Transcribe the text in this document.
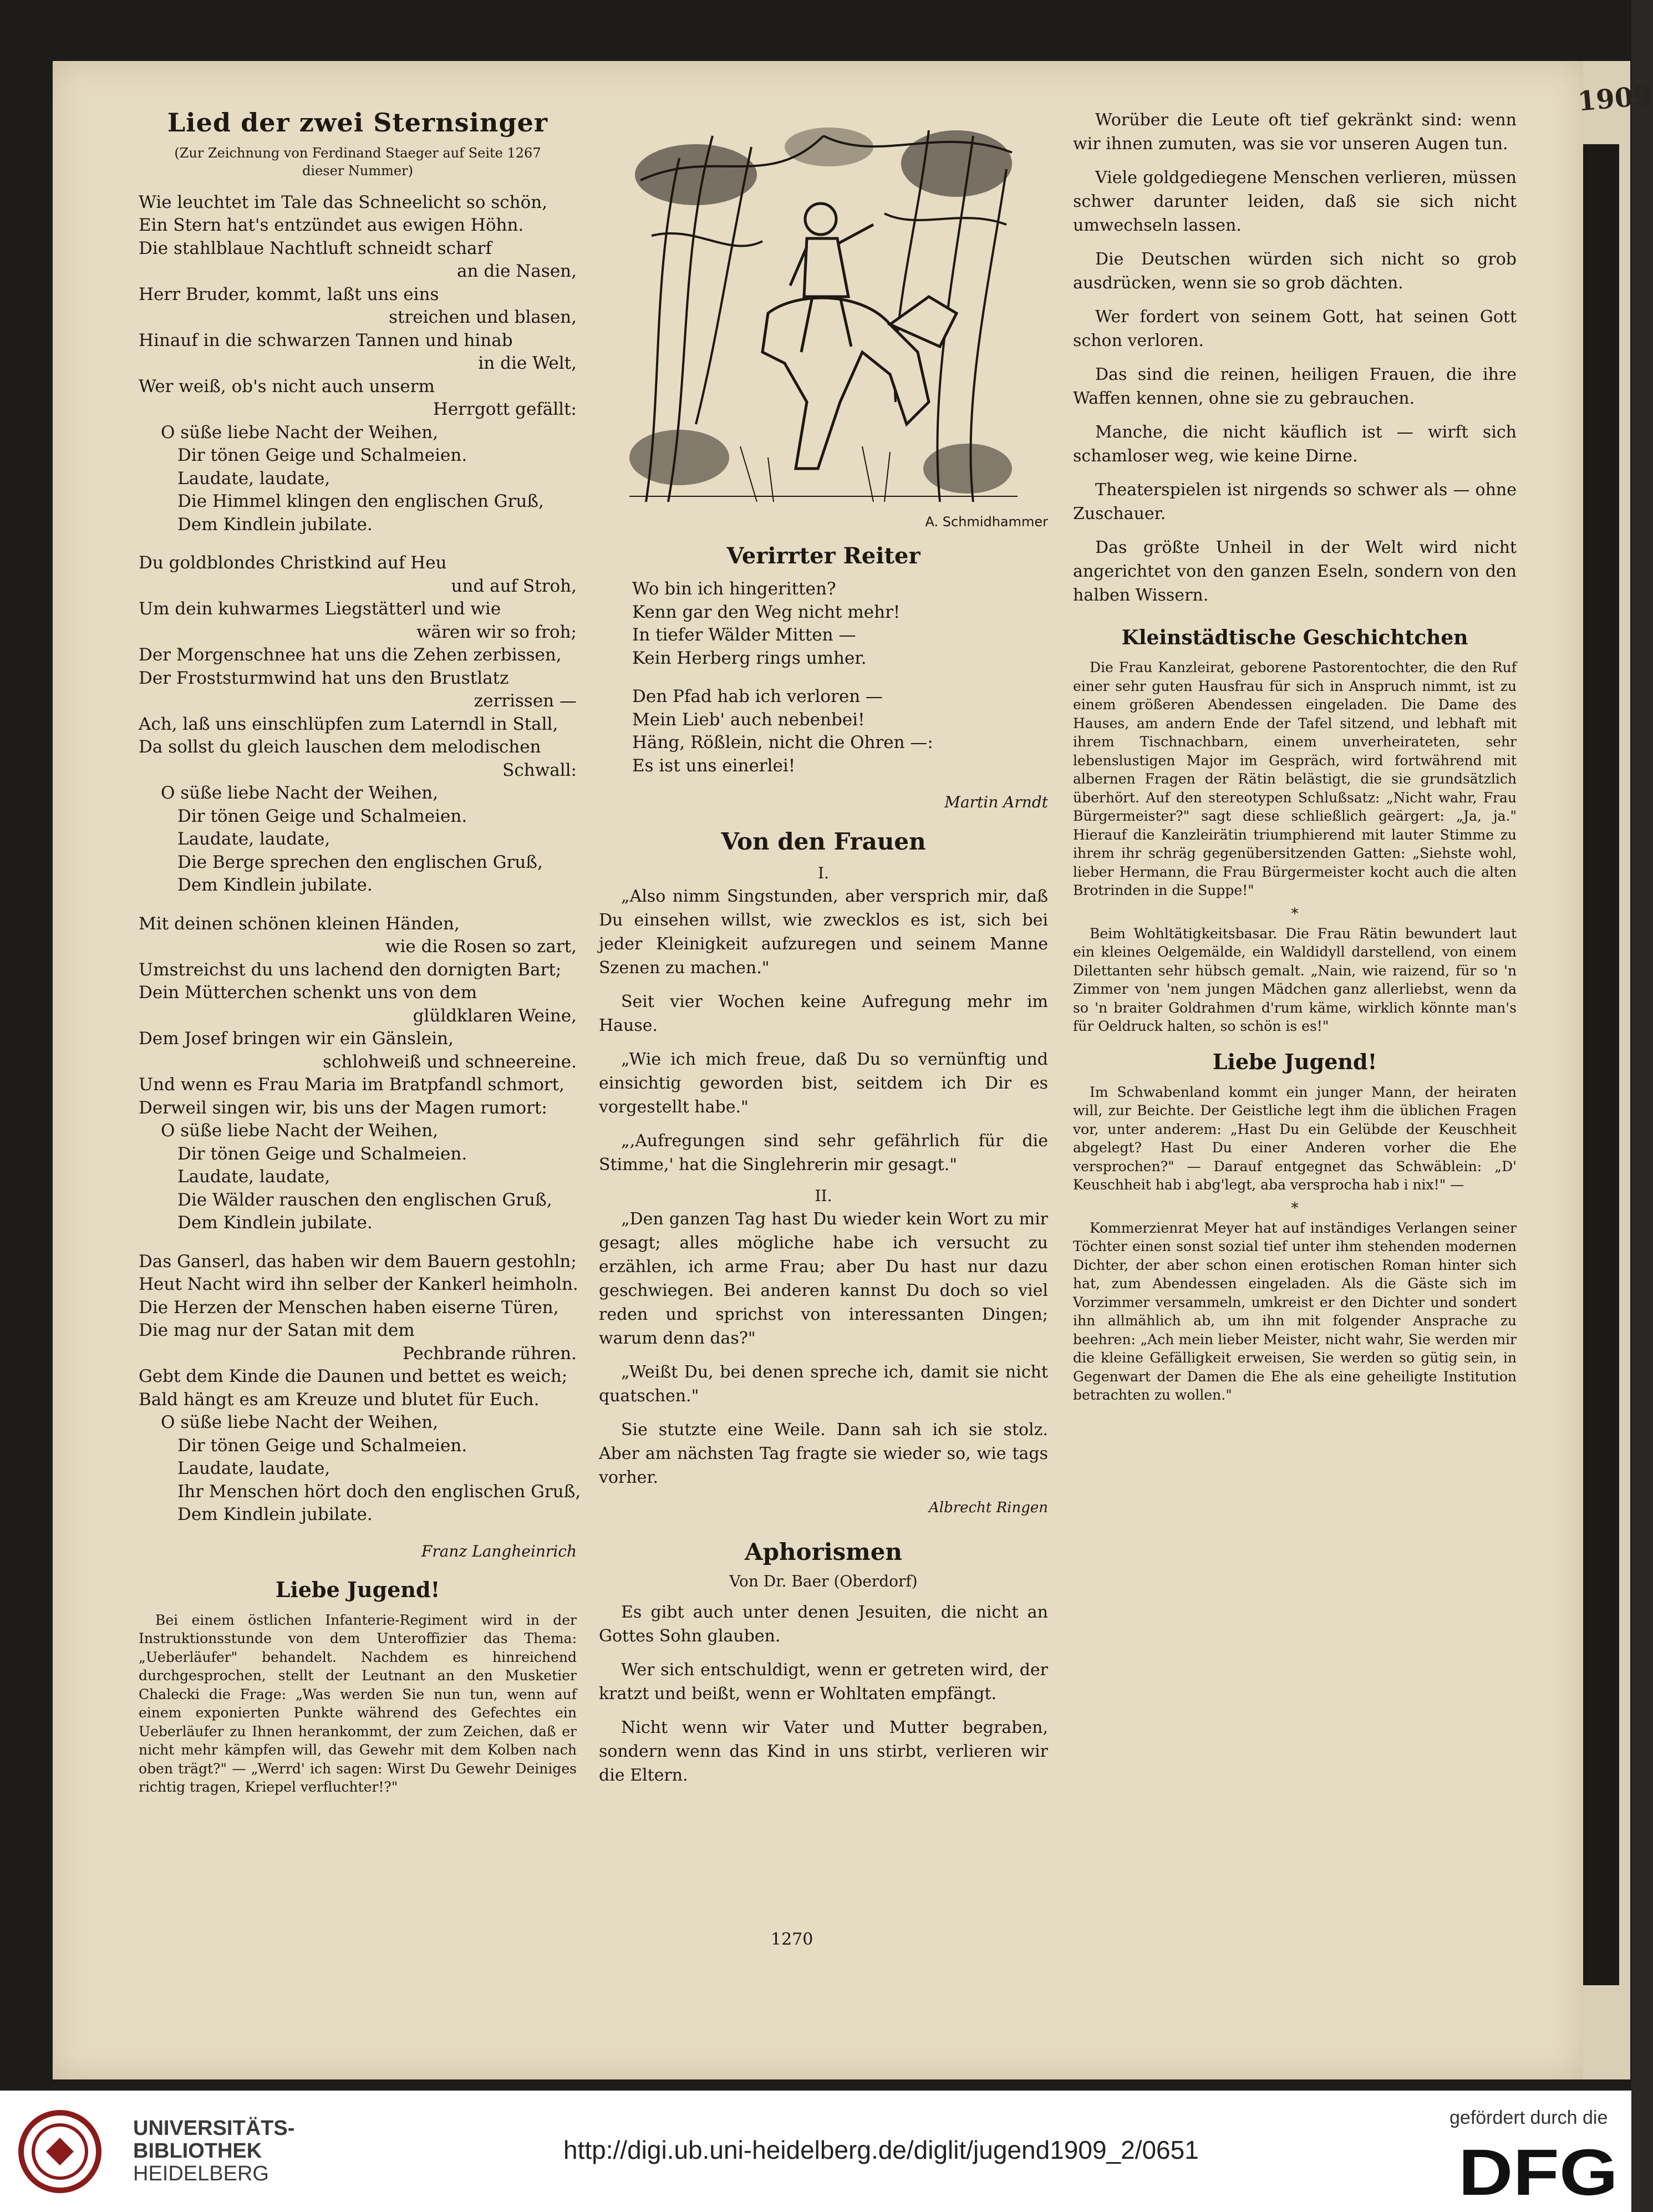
1909
Lied der zwei Sternsinger
(Zur Zeichnung von Ferdinand Staeger auf Seite 1267 dieser Nummer)
Wie leuchtet im Tale das Schneelicht so schön,
Ein Stern hat's entzündet aus ewigen Höhn.
Die stahlblaue Nachtluft schneidt scharf
an die Nasen,
Herr Bruder, kommt, laßt uns eins
streichen und blasen,
Hinauf in die schwarzen Tannen und hinab
in die Welt,
Wer weiß, ob's nicht auch unserm
Herrgott gefällt:
O süße liebe Nacht der Weihen,
Dir tönen Geige und Schalmeien.
Laudate, laudate,
Die Himmel klingen den englischen Gruß,
Dem Kindlein jubilate.
Du goldblondes Christkind auf Heu
und auf Stroh,
Um dein kuhwarmes Liegstätterl und wie
wären wir so froh;
Der Morgenschnee hat uns die Zehen zerbissen,
Der Froststurmwind hat uns den Brustlatz
zerrissen —
Ach, laß uns einschlüpfen zum Laterndl in Stall,
Da sollst du gleich lauschen dem melodischen
Schwall:
O süße liebe Nacht der Weihen,
Dir tönen Geige und Schalmeien.
Laudate, laudate,
Die Berge sprechen den englischen Gruß,
Dem Kindlein jubilate.
Mit deinen schönen kleinen Händen,
wie die Rosen so zart,
Umstreichst du uns lachend den dornigten Bart;
Dein Mütterchen schenkt uns von dem
glüldklaren Weine,
Dem Josef bringen wir ein Gänslein,
schlohweiß und schneereine.
Und wenn es Frau Maria im Bratpfandl schmort,
Derweil singen wir, bis uns der Magen rumort:
O süße liebe Nacht der Weihen,
Dir tönen Geige und Schalmeien.
Laudate, laudate,
Die Wälder rauschen den englischen Gruß,
Dem Kindlein jubilate.
Das Ganserl, das haben wir dem Bauern gestohln;
Heut Nacht wird ihn selber der Kankerl heimholn.
Die Herzen der Menschen haben eiserne Türen,
Die mag nur der Satan mit dem
Pechbrande rühren.
Gebt dem Kinde die Daunen und bettet es weich;
Bald hängt es am Kreuze und blutet für Euch.
O süße liebe Nacht der Weihen,
Dir tönen Geige und Schalmeien.
Laudate, laudate,
Ihr Menschen hört doch den englischen Gruß,
Dem Kindlein jubilate.
Franz Langheinrich
Liebe Jugend!
Bei einem östlichen Infanterie-Regiment wird in der Instruktionsstunde von dem Unteroffizier das Thema: „Ueberläufer" behandelt. Nachdem es hinreichend durchgesprochen, stellt der Leutnant an den Musketier Chalecki die Frage: „Was werden Sie nun tun, wenn auf einem exponierten Punkte während des Gefechtes ein Ueberläufer zu Ihnen herankommt, der zum Zeichen, daß er nicht mehr kämpfen will, das Gewehr mit dem Kolben nach oben trägt?" — „Werrd' ich sagen: Wirst Du Gewehr Deiniges richtig tragen, Kriepel verfluchter!?"
A. Schmidhammer
Verirrter Reiter
Wo bin ich hingeritten?
Kenn gar den Weg nicht mehr!
In tiefer Wälder Mitten —
Kein Herberg rings umher.
Den Pfad hab ich verloren —
Mein Lieb' auch nebenbei!
Häng, Rößlein, nicht die Ohren —:
Es ist uns einerlei!
Martin Arndt
Von den Frauen
I.

„Also nimm Singstunden, aber versprich mir, daß Du einsehen willst, wie zwecklos es ist, sich bei jeder Kleinigkeit aufzuregen und seinem Manne Szenen zu machen."

Seit vier Wochen keine Aufregung mehr im Hause.

„Wie ich mich freue, daß Du so vernünftig und einsichtig geworden bist, seitdem ich Dir es vorgestellt habe."

„‚Aufregungen sind sehr gefährlich für die Stimme,' hat die Singlehrerin mir gesagt."

II.

„Den ganzen Tag hast Du wieder kein Wort zu mir gesagt; alles mögliche habe ich versucht zu erzählen, ich arme Frau; aber Du hast nur dazu geschwiegen. Bei anderen kannst Du doch so viel reden und sprichst von interessanten Dingen; warum denn das?"

„Weißt Du, bei denen spreche ich, damit sie nicht quatschen."

Sie stutzte eine Weile. Dann sah ich sie stolz. Aber am nächsten Tag fragte sie wieder so, wie tags vorher.

Albrecht Ringen
Aphorismen
Von Dr. Baer (Oberdorf)

Es gibt auch unter denen Jesuiten, die nicht an Gottes Sohn glauben.

Wer sich entschuldigt, wenn er getreten wird, der kratzt und beißt, wenn er Wohltaten empfängt.

Nicht wenn wir Vater und Mutter begraben, sondern wenn das Kind in uns stirbt, verlieren wir die Eltern.

Worüber die Leute oft tief gekränkt sind: wenn wir ihnen zumuten, was sie vor unseren Augen tun.

Viele goldgediegene Menschen verlieren, müssen schwer darunter leiden, daß sie sich nicht umwechseln lassen.

Die Deutschen würden sich nicht so grob ausdrücken, wenn sie so grob dächten.

Wer fordert von seinem Gott, hat seinen Gott schon verloren.

Das sind die reinen, heiligen Frauen, die ihre Waffen kennen, ohne sie zu gebrauchen.

Manche, die nicht käuflich ist — wirft sich schamloser weg, wie keine Dirne.

Theaterspielen ist nirgends so schwer als — ohne Zuschauer.

Das größte Unheil in der Welt wird nicht angerichtet von den ganzen Eseln, sondern von den halben Wissern.

Kleinstädtische Geschichtchen
Die Frau Kanzleirat, geborene Pastorentochter, die den Ruf einer sehr guten Hausfrau für sich in Anspruch nimmt, ist zu einem größeren Abendessen eingeladen. Die Dame des Hauses, am andern Ende der Tafel sitzend, und lebhaft mit ihrem Tischnachbarn, einem unverheirateten, sehr lebenslustigen Major im Gespräch, wird fortwährend mit albernen Fragen der Rätin belästigt, die sie grundsätzlich überhört. Auf den stereotypen Schlußsatz: „Nicht wahr, Frau Bürgermeister?" sagt diese schließlich geärgert: „Ja, ja." Hierauf die Kanzleirätin triumphierend mit lauter Stimme zu ihrem ihr schräg gegenübersitzenden Gatten: „Siehste wohl, lieber Hermann, die Frau Bürgermeister kocht auch die alten Brotrinden in die Suppe!"
*
Beim Wohltätigkeitsbasar. Die Frau Rätin bewundert laut ein kleines Oelgemälde, ein Waldidyll darstellend, von einem Dilettanten sehr hübsch gemalt. „Nain, wie raizend, für so 'n Zimmer von 'nem jungen Mädchen ganz allerliebst, wenn da so 'n braiter Goldrahmen d'rum käme, wirklich könnte man's für Oeldruck halten, so schön is es!"
Liebe Jugend!
Im Schwabenland kommt ein junger Mann, der heiraten will, zur Beichte. Der Geistliche legt ihm die üblichen Fragen vor, unter anderem: „Hast Du ein Gelübde der Keuschheit abgelegt? Hast Du einer Anderen vorher die Ehe versprochen?" — Darauf entgegnet das Schwäblein: „D' Keuschheit hab i abg'legt, aba versprocha hab i nix!" —
*
Kommerzienrat Meyer hat auf inständiges Verlangen seiner Töchter einen sonst sozial tief unter ihm stehenden modernen Dichter, der aber schon einen erotischen Roman hinter sich hat, zum Abendessen eingeladen. Als die Gäste sich im Vorzimmer versammeln, umkreist er den Dichter und sondert ihn allmählich ab, um ihn mit folgender Ansprache zu beehren: „Ach mein lieber Meister, nicht wahr, Sie werden mir die kleine Gefälligkeit erweisen, Sie werden so gütig sein, in Gegenwart der Damen die Ehe als eine geheiligte Institution betrachten zu wollen."
1270
UNIVERSITÄTS-
BIBLIOTHEK
HEIDELBERG
http://digi.ub.uni-heidelberg.de/diglit/jugend1909_2/0651
gefördert durch die
DFG
